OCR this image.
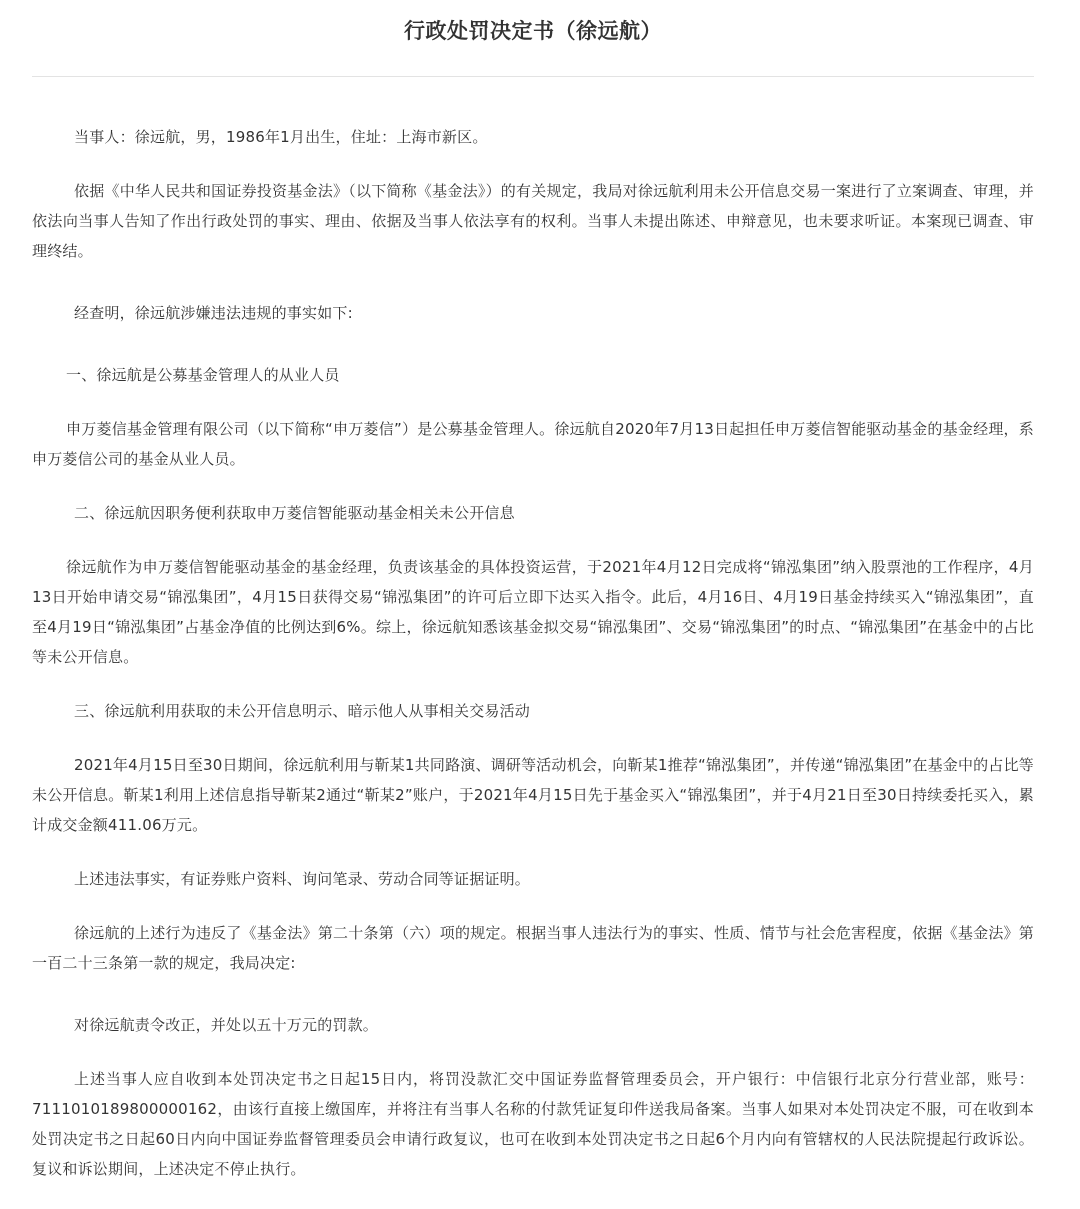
行政处罚决定书（徐远航）

当事人：徐远航，男，1986年1月出生，住址：上海市新区。

依据《中华人民共和国证券投资基金法》（以下简称《基金法》）的有关规定，我局对徐远航利用未公开信息交易一案进行了立案调查、审理，并依法向当事人告知了作出行政处罚的事实、理由、依据及当事人依法享有的权利。当事人未提出陈述、申辩意见，也未要求听证。本案现已调查、审理终结。

经查明，徐远航涉嫌违法违规的事实如下:

一、徐远航是公募基金管理人的从业人员

申万菱信基金管理有限公司（以下简称“申万菱信”）是公募基金管理人。徐远航自2020年7月13日起担任申万菱信智能驱动基金的基金经理，系申万菱信公司的基金从业人员。

二、徐远航因职务便利获取申万菱信智能驱动基金相关未公开信息

徐远航作为申万菱信智能驱动基金的基金经理，负责该基金的具体投资运营，于2021年4月12日完成将“锦泓集团”纳入股票池的工作程序，4月13日开始申请交易“锦泓集团”，4月15日获得交易“锦泓集团”的许可后立即下达买入指令。此后，4月16日、4月19日基金持续买入“锦泓集团”，直至4月19日“锦泓集团”占基金净值的比例达到6%。综上，徐远航知悉该基金拟交易“锦泓集团”、交易“锦泓集团”的时点、“锦泓集团”在基金中的占比等未公开信息。

三、徐远航利用获取的未公开信息明示、暗示他人从事相关交易活动

2021年4月15日至30日期间，徐远航利用与靳某1共同路演、调研等活动机会，向靳某1推荐“锦泓集团”，并传递“锦泓集团”在基金中的占比等未公开信息。靳某1利用上述信息指导靳某2通过“靳某2”账户，于2021年4月15日先于基金买入“锦泓集团”，并于4月21日至30日持续委托买入，累计成交金额411.06万元。

上述违法事实，有证券账户资料、询问笔录、劳动合同等证据证明。

徐远航的上述行为违反了《基金法》第二十条第（六）项的规定。根据当事人违法行为的事实、性质、情节与社会危害程度，依据《基金法》第一百二十三条第一款的规定，我局决定:

对徐远航责令改正，并处以五十万元的罚款。

上述当事人应自收到本处罚决定书之日起15日内，将罚没款汇交中国证券监督管理委员会，开户银行：中信银行北京分行营业部，账号：7111010189800000162，由该行直接上缴国库，并将注有当事人名称的付款凭证复印件送我局备案。当事人如果对本处罚决定不服，可在收到本处罚决定书之日起60日内向中国证券监督管理委员会申请行政复议，也可在收到本处罚决定书之日起6个月内向有管辖权的人民法院提起行政诉讼。复议和诉讼期间，上述决定不停止执行。
